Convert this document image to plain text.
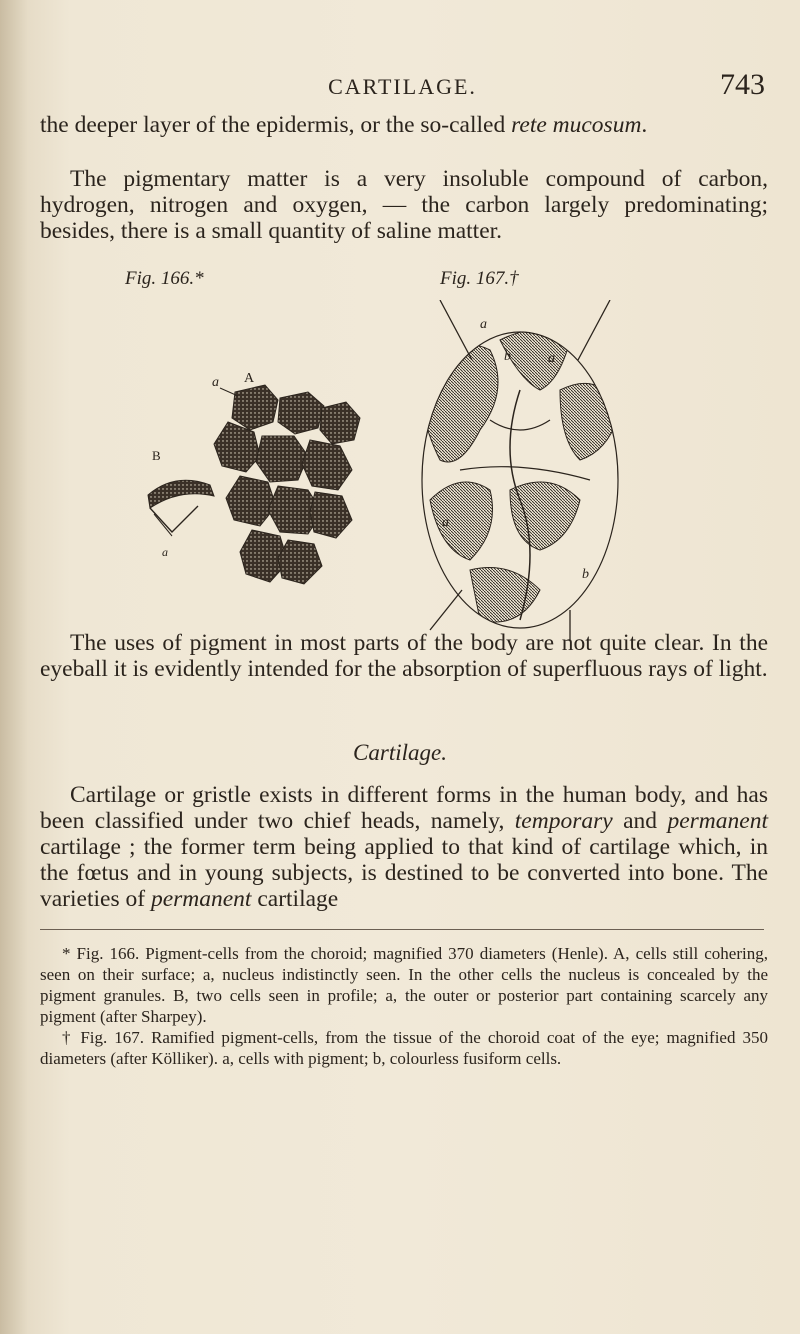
CARTILAGE.	743

the deeper layer of the epidermis, or the so-called rete mucosum.

The pigmentary matter is a very insoluble compound of carbon, hydrogen, nitrogen and oxygen, — the carbon largely predominating; besides, there is a small quantity of saline matter.

Fig. 166.*	Fig. 167.†
a A
B
a
a
b	a
a
b

The uses of pigment in most parts of the body are not quite clear. In the eyeball it is evidently intended for the absorption of superfluous rays of light.

Cartilage.

Cartilage or gristle exists in different forms in the human body, and has been classified under two chief heads, namely, temporary and permanent cartilage ; the former term being applied to that kind of cartilage which, in the fœtus and in young subjects, is destined to be converted into bone. The varieties of permanent cartilage

* Fig. 166. Pigment-cells from the choroid; magnified 370 diameters (Henle). A, cells still cohering, seen on their surface; a, nucleus indistinctly seen. In the other cells the nucleus is concealed by the pigment granules. B, two cells seen in profile; a, the outer or posterior part containing scarcely any pigment (after Sharpey).

† Fig. 167. Ramified pigment-cells, from the tissue of the choroid coat of the eye; magnified 350 diameters (after Kölliker). a, cells with pigment; b, colourless fusiform cells.
